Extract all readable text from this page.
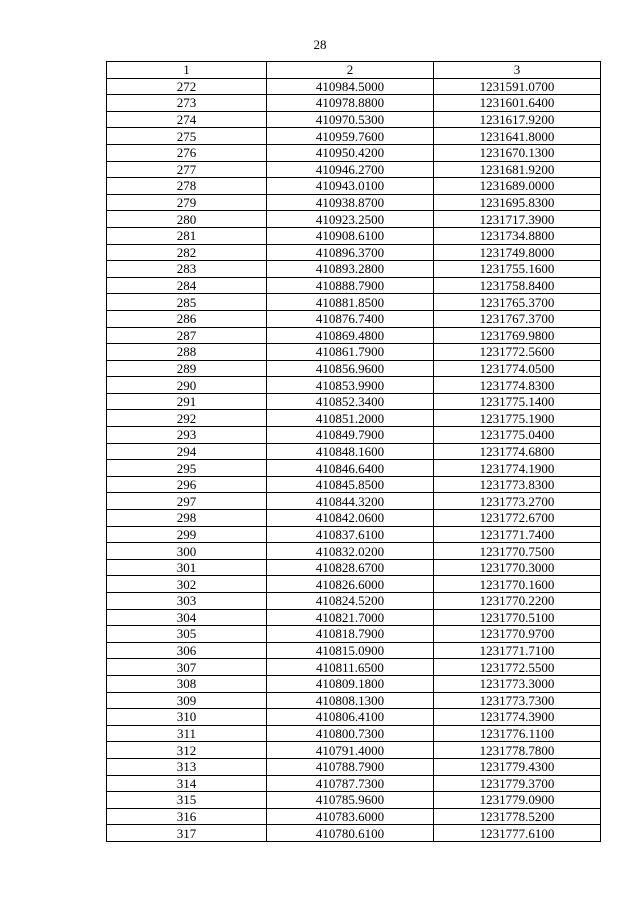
28
1	2	3
272	410984.5000	1231591.0700
273	410978.8800	1231601.6400
274	410970.5300	1231617.9200
275	410959.7600	1231641.8000
276	410950.4200	1231670.1300
277	410946.2700	1231681.9200
278	410943.0100	1231689.0000
279	410938.8700	1231695.8300
280	410923.2500	1231717.3900
281	410908.6100	1231734.8800
282	410896.3700	1231749.8000
283	410893.2800	1231755.1600
284	410888.7900	1231758.8400
285	410881.8500	1231765.3700
286	410876.7400	1231767.3700
287	410869.4800	1231769.9800
288	410861.7900	1231772.5600
289	410856.9600	1231774.0500
290	410853.9900	1231774.8300
291	410852.3400	1231775.1400
292	410851.2000	1231775.1900
293	410849.7900	1231775.0400
294	410848.1600	1231774.6800
295	410846.6400	1231774.1900
296	410845.8500	1231773.8300
297	410844.3200	1231773.2700
298	410842.0600	1231772.6700
299	410837.6100	1231771.7400
300	410832.0200	1231770.7500
301	410828.6700	1231770.3000
302	410826.6000	1231770.1600
303	410824.5200	1231770.2200
304	410821.7000	1231770.5100
305	410818.7900	1231770.9700
306	410815.0900	1231771.7100
307	410811.6500	1231772.5500
308	410809.1800	1231773.3000
309	410808.1300	1231773.7300
310	410806.4100	1231774.3900
311	410800.7300	1231776.1100
312	410791.4000	1231778.7800
313	410788.7900	1231779.4300
314	410787.7300	1231779.3700
315	410785.9600	1231779.0900
316	410783.6000	1231778.5200
317	410780.6100	1231777.6100
